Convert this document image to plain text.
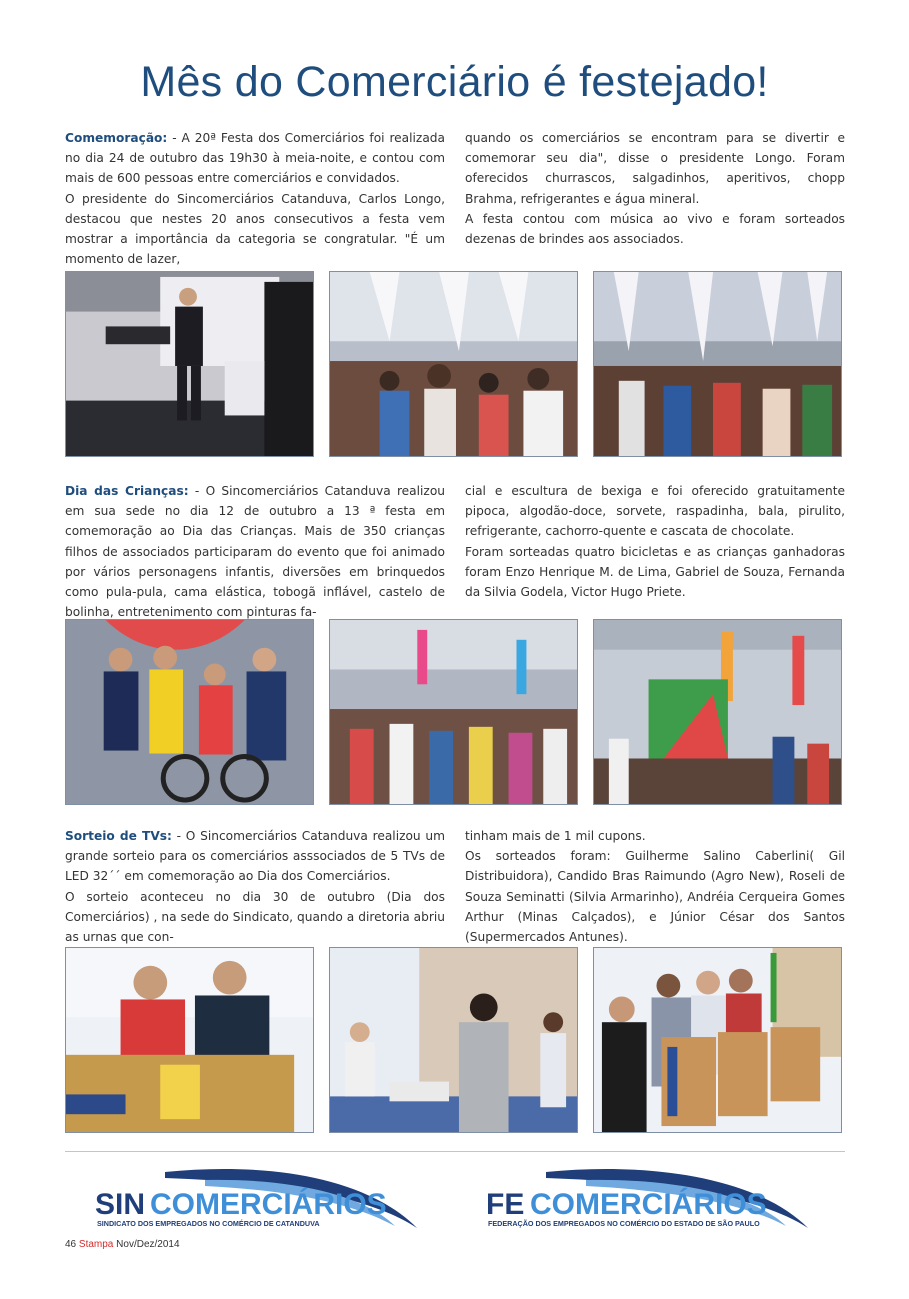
Mês do Comerciário é festejado!

Comemoração: - A 20ª Festa dos Comerciários foi realizada no dia 24 de outubro das 19h30 à meia-noite, e contou com mais de 600 pessoas entre comerciários e convidados.

O presidente do Sincomerciários Catanduva, Carlos Longo, destacou que nestes 20 anos consecutivos a festa vem mostrar a importância da categoria se congratular. "É um momento de lazer,

quando os comerciários se encontram para se divertir e comemorar seu dia", disse o presidente Longo. Foram oferecidos churrascos, salgadinhos, aperitivos, chopp Brahma, refrigerantes e água mineral.

A festa contou com música ao vivo e foram sorteados dezenas de brindes aos associados.

Dia das Crianças: - O Sincomerciários Catanduva realizou em sua sede no dia 12 de outubro a 13 ª festa em comemoração ao Dia das Crianças. Mais de 350 crianças filhos de associados participaram do evento que foi animado por vários personagens infantis, diversões em brinquedos como pula-pula, cama elástica, tobogã inflável, castelo de bolinha, entretenimento com pinturas fa-

cial e escultura de bexiga e foi oferecido gratuitamente pipoca, algodão-doce, sorvete, raspadinha, bala, pirulito, refrigerante, cachorro-quente e cascata de chocolate.

Foram sorteadas quatro bicicletas e as crianças ganhadoras foram Enzo Henrique M. de Lima, Gabriel de Souza, Fernanda da Silvia Godela, Victor Hugo Priete.

Sorteio de TVs: - O Sincomerciários Catanduva realizou um grande sorteio para os comerciários asssociados de 5 TVs de LED 32´´ em comemoração ao Dia dos Comerciários.

O sorteio aconteceu no dia 30 de outubro (Dia dos Comerciários) , na sede do Sindicato, quando a diretoria abriu as urnas que con-

tinham mais de 1 mil cupons.

Os sorteados foram: Guilherme Salino Caberlini( Gil Distribuidora), Candido Bras Raimundo (Agro New), Roseli de Souza Seminatti (Silvia Armarinho), Andréia Cerqueira Gomes Arthur (Minas Calçados), e Júnior César dos Santos (Supermercados Antunes).

SIN COMERCIÁRIOS
SINDICATO DOS EMPREGADOS NO COMÉRCIO DE CATANDUVA
FE COMERCIÁRIOS
FEDERAÇÃO DOS EMPREGADOS NO COMÉRCIO DO ESTADO DE SÃO PAULO
46 Stampa Nov/Dez/2014
